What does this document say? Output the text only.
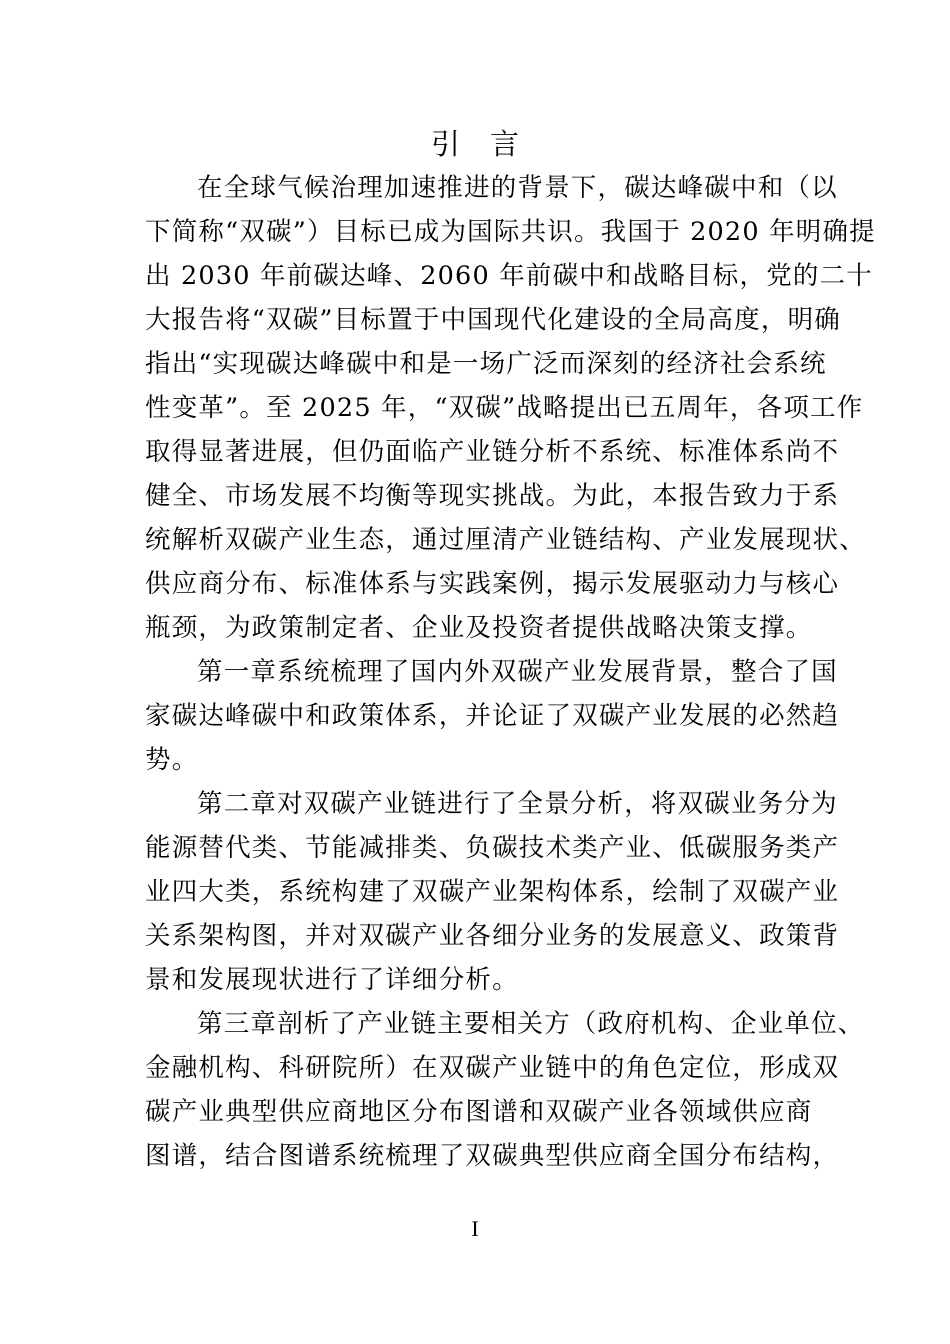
引言
在全球气候治理加速推进的背景下，碳达峰碳中和（以
下简称“双碳”）目标已成为国际共识。我国于 2020 年明确提
出 2030 年前碳达峰、2060 年前碳中和战略目标，党的二十
大报告将“双碳”目标置于中国现代化建设的全局高度，明确
指出“实现碳达峰碳中和是一场广泛而深刻的经济社会系统
性变革”。至 2025 年，“双碳”战略提出已五周年，各项工作
取得显著进展，但仍面临产业链分析不系统、标准体系尚不
健全、市场发展不均衡等现实挑战。为此，本报告致力于系
统解析双碳产业生态，通过厘清产业链结构、产业发展现状、
供应商分布、标准体系与实践案例，揭示发展驱动力与核心
瓶颈，为政策制定者、企业及投资者提供战略决策支撑。
第一章系统梳理了国内外双碳产业发展背景，整合了国
家碳达峰碳中和政策体系，并论证了双碳产业发展的必然趋
势。
第二章对双碳产业链进行了全景分析，将双碳业务分为
能源替代类、节能减排类、负碳技术类产业、低碳服务类产
业四大类，系统构建了双碳产业架构体系，绘制了双碳产业
关系架构图，并对双碳产业各细分业务的发展意义、政策背
景和发展现状进行了详细分析。
第三章剖析了产业链主要相关方（政府机构、企业单位、
金融机构、科研院所）在双碳产业链中的角色定位，形成双
碳产业典型供应商地区分布图谱和双碳产业各领域供应商
图谱，结合图谱系统梳理了双碳典型供应商全国分布结构，
I
